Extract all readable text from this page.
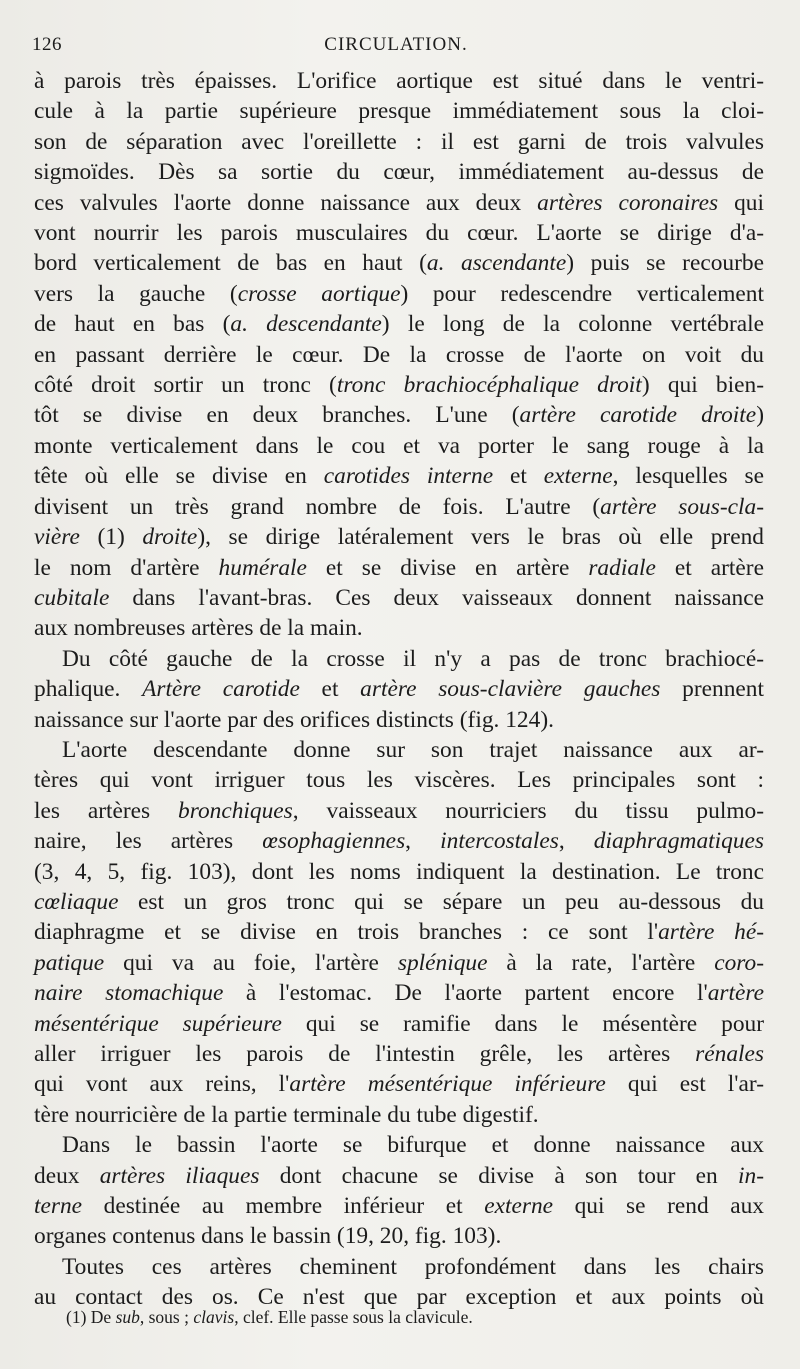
126	CIRCULATION.

à parois très épaisses. L'orifice aortique est situé dans le ventri-
cule à la partie supérieure presque immédiatement sous la cloi-
son de séparation avec l'oreillette : il est garni de trois valvules
sigmoïdes. Dès sa sortie du cœur, immédiatement au-dessus de
ces valvules l'aorte donne naissance aux deux artères coronaires qui
vont nourrir les parois musculaires du cœur. L'aorte se dirige d'a-
bord verticalement de bas en haut (a. ascendante) puis se recourbe
vers la gauche (crosse aortique) pour redescendre verticalement
de haut en bas (a. descendante) le long de la colonne vertébrale
en passant derrière le cœur. De la crosse de l'aorte on voit du
côté droit sortir un tronc (tronc brachiocéphalique droit) qui bien-
tôt se divise en deux branches. L'une (artère carotide droite)
monte verticalement dans le cou et va porter le sang rouge à la
tête où elle se divise en carotides interne et externe, lesquelles se
divisent un très grand nombre de fois. L'autre (artère sous-cla-
vière (1) droite), se dirige latéralement vers le bras où elle prend
le nom d'artère humérale et se divise en artère radiale et artère
cubitale dans l'avant-bras. Ces deux vaisseaux donnent naissance
aux nombreuses artères de la main.

Du côté gauche de la crosse il n'y a pas de tronc brachiocé-
phalique. Artère carotide et artère sous-clavière gauches prennent
naissance sur l'aorte par des orifices distincts (fig. 124).

L'aorte descendante donne sur son trajet naissance aux ar-
tères qui vont irriguer tous les viscères. Les principales sont :
les artères bronchiques, vaisseaux nourriciers du tissu pulmo-
naire, les artères œsophagiennes, intercostales, diaphragmatiques
(3, 4, 5, fig. 103), dont les noms indiquent la destination. Le tronc
cœliaque est un gros tronc qui se sépare un peu au-dessous du
diaphragme et se divise en trois branches : ce sont l'artère hé-
patique qui va au foie, l'artère splénique à la rate, l'artère coro-
naire stomachique à l'estomac. De l'aorte partent encore l'artère
mésentérique supérieure qui se ramifie dans le mésentère pour
aller irriguer les parois de l'intestin grêle, les artères rénales
qui vont aux reins, l'artère mésentérique inférieure qui est l'ar-
tère nourricière de la partie terminale du tube digestif.

Dans le bassin l'aorte se bifurque et donne naissance aux
deux artères iliaques dont chacune se divise à son tour en in-
terne destinée au membre inférieur et externe qui se rend aux
organes contenus dans le bassin (19, 20, fig. 103).

Toutes ces artères cheminent profondément dans les chairs
au contact des os. Ce n'est que par exception et aux points où

(1) De sub, sous ; clavis, clef. Elle passe sous la clavicule.
